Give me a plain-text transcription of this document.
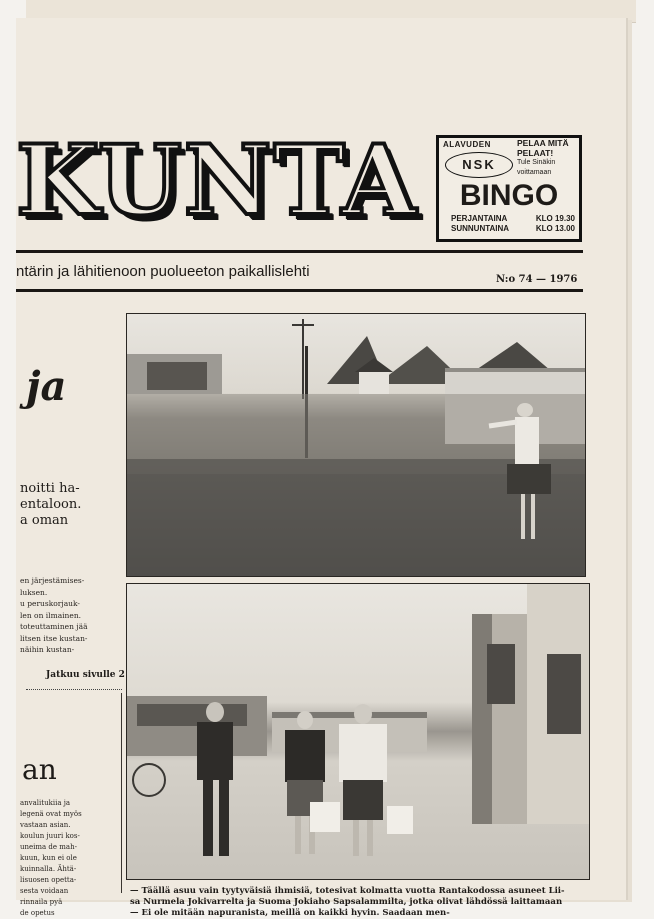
KUNTA	ALAVUDEN
NSK
PELAA MITÄ
PELAAT!
Tule Sinäkin
voittamaan
BINGO
PERJANTAINA	KLO 19.30
SUNNUNTAINA	KLO 13.00
ntärin ja lähitienoon puolueeton paikallislehti	N:o 74 — 1976
ja
noitti ha-
entaloon.
a oman
en järjestämises-
luksen.
u peruskorjauk-
len on ilmainen.
toteuttaminen jää
litsen itse kustan-
näihin kustan-
Jatkuu sivulle 2
an
anvalitukiia ja
legenä ovat myös
vastaan asian.
koulun juuri kos-
uneima de mah-
kuun, kun ei ole
kuinnalla. Ähtä-
lisuosen opetta-
sesta voidaan
rinnaila pyä
de opetus
— Täällä asuu vain tyytyväisiä ihmisiä, totesivat kolmatta vuotta Rantakodossa asuneet Lii-
sa Nurmela Jokivarrelta ja Suoma Jokiaho Sapsalammilta, jotka olivat lähdössä laittamaan
— Ei ole mitään napuranista, meillä on kaikki hyvin. Saadaan men-
